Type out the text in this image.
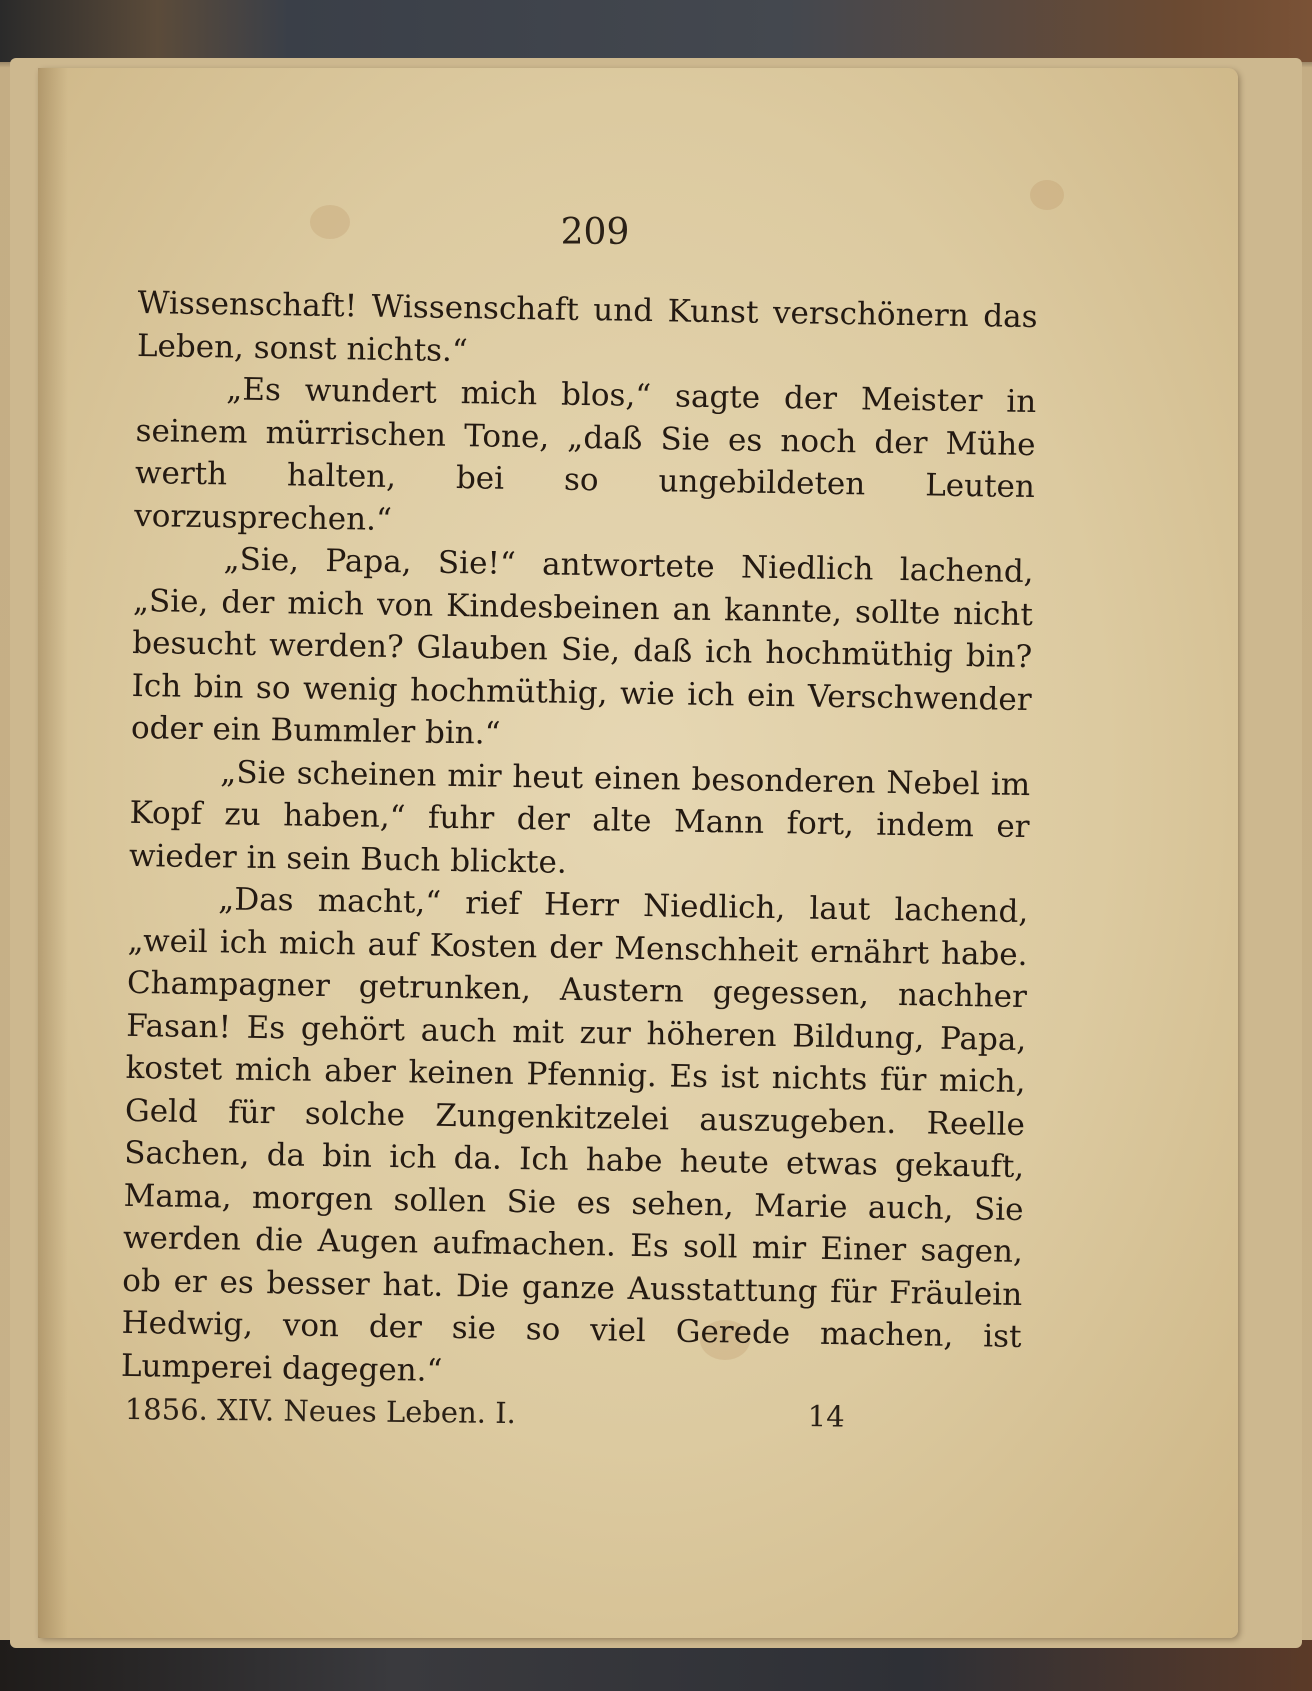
209

Wissenschaft! Wissenschaft und Kunst verschönern das Leben, sonst nichts.“

„Es wundert mich blos,“ sagte der Meister in seinem mürrischen Tone, „daß Sie es noch der Mühe werth halten, bei so ungebildeten Leuten vorzusprechen.“

„Sie, Papa, Sie!“ antwortete Niedlich lachend, „Sie, der mich von Kindesbeinen an kannte, sollte nicht besucht werden? Glauben Sie, daß ich hochmüthig bin? Ich bin so wenig hochmüthig, wie ich ein Verschwender oder ein Bummler bin.“

„Sie scheinen mir heut einen besonderen Nebel im Kopf zu haben,“ fuhr der alte Mann fort, indem er wieder in sein Buch blickte.

„Das macht,“ rief Herr Niedlich, laut lachend, „weil ich mich auf Kosten der Menschheit ernährt habe. Champagner getrunken, Austern gegessen, nachher Fasan! Es gehört auch mit zur höheren Bildung, Papa, kostet mich aber keinen Pfennig. Es ist nichts für mich, Geld für solche Zungenkitzelei auszugeben. Reelle Sachen, da bin ich da. Ich habe heute etwas gekauft, Mama, morgen sollen Sie es sehen, Marie auch, Sie werden die Augen aufmachen. Es soll mir Einer sagen, ob er es besser hat. Die ganze Ausstattung für Fräulein Hedwig, von der sie so viel Gerede machen, ist Lumperei dagegen.“

1856. XIV. Neues Leben. I.	14
